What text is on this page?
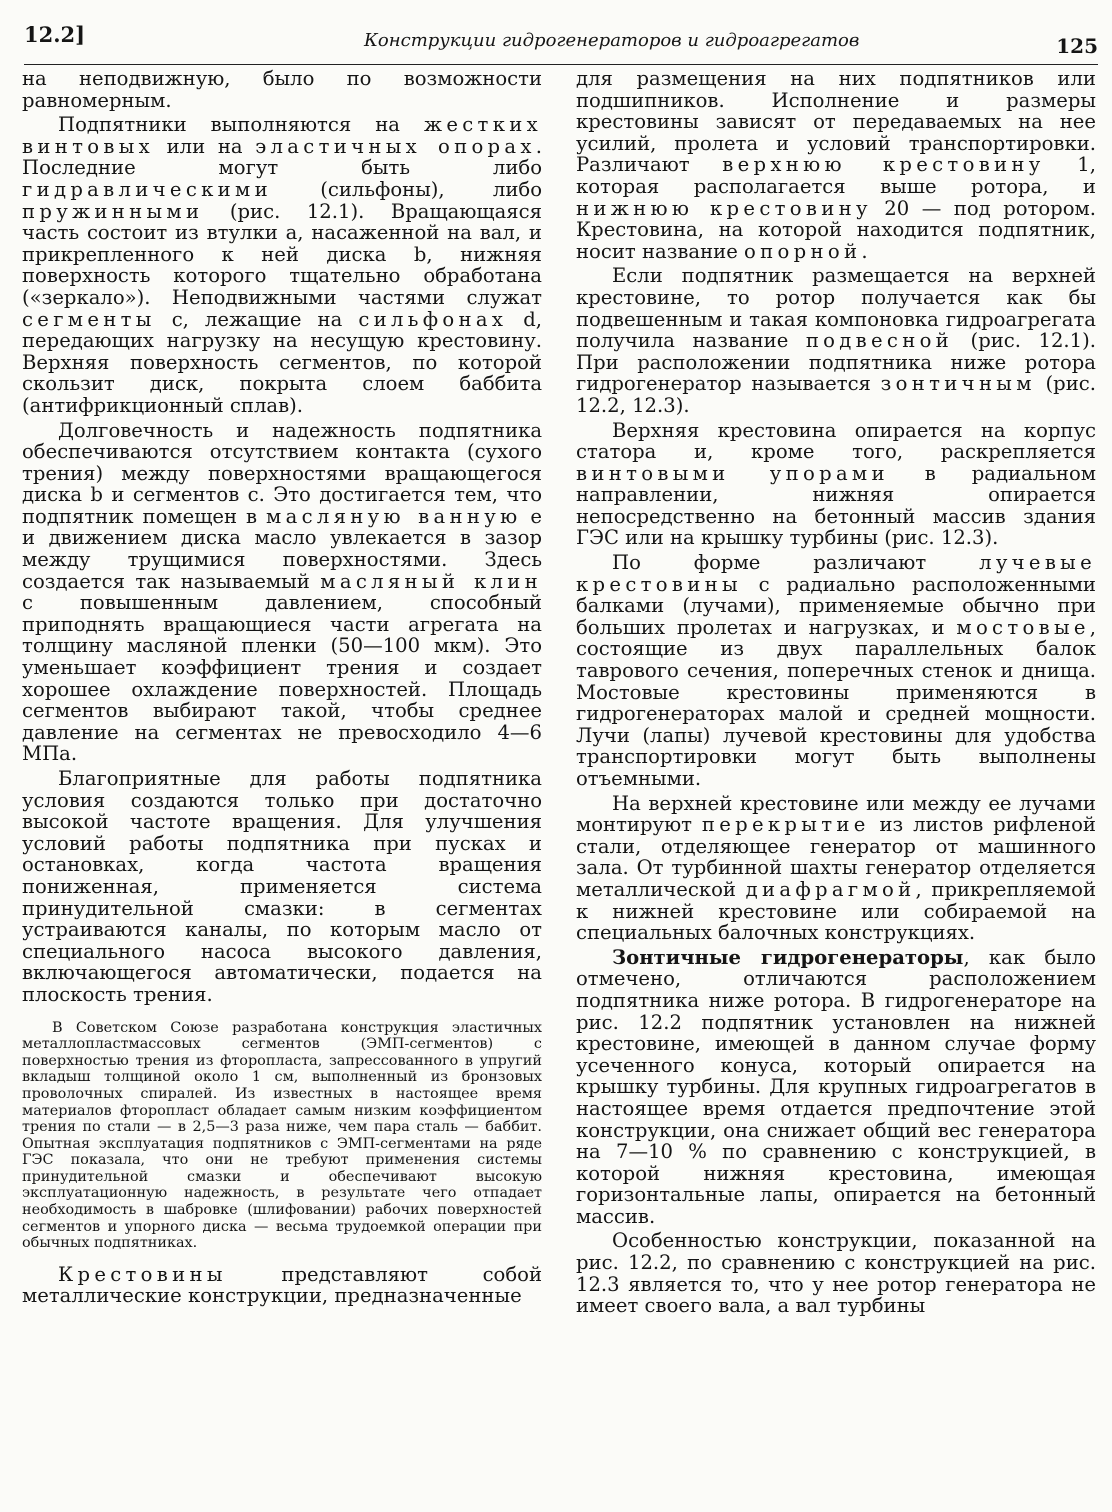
12.2]	Конструкции гидрогенераторов и гидроагрегатов	125

на неподвижную, было по возможности равномерным.

Подпятники выполняются на жестких винтовых или на эластичных опорах. Последние могут быть либо гидравлическими (сильфоны), либо пружинными (рис. 12.1). Вращающаяся часть состоит из втулки a, насаженной на вал, и прикрепленного к ней диска b, нижняя поверхность которого тщательно обработана («зеркало»). Неподвижными частями служат сегменты c, лежащие на сильфонах d, передающих нагрузку на несущую крестовину. Верхняя поверхность сегментов, по которой скользит диск, покрыта слоем баббита (антифрикционный сплав).

Долговечность и надежность подпятника обеспечиваются отсутствием контакта (сухого трения) между поверхностями вращающегося диска b и сегментов c. Это достигается тем, что подпятник помещен в масляную ванную e и движением диска масло увлекается в зазор между трущимися поверхностями. Здесь создается так называемый масляный клин с повышенным давлением, способный приподнять вращающиеся части агрегата на толщину масляной пленки (50—100 мкм). Это уменьшает коэффициент трения и создает хорошее охлаждение поверхностей. Площадь сегментов выбирают такой, чтобы среднее давление на сегментах не превосходило 4—6 МПа.

Благоприятные для работы подпятника условия создаются только при достаточно высокой частоте вращения. Для улучшения условий работы подпятника при пусках и остановках, когда частота вращения пониженная, применяется система принудительной смазки: в сегментах устраиваются каналы, по которым масло от специального насоса высокого давления, включающегося автоматически, подается на плоскость трения.

В Советском Союзе разработана конструкция эластичных металлопластмассовых сегментов (ЭМП-сегментов) с поверхностью трения из фторопласта, запрессованного в упругий вкладыш толщиной около 1 см, выполненный из бронзовых проволочных спиралей. Из известных в настоящее время материалов фторопласт обладает самым низким коэффициентом трения по стали — в 2,5—3 раза ниже, чем пара сталь — баббит. Опытная эксплуатация подпятников с ЭМП-сегментами на ряде ГЭС показала, что они не требуют применения системы принудительной смазки и обеспечивают высокую эксплуатационную надежность, в результате чего отпадает необходимость в шабровке (шлифовании) рабочих поверхностей сегментов и упорного диска — весьма трудоемкой операции при обычных подпятниках.

Крестовины представляют собой металлические конструкции, предназначенные

для размещения на них подпятников или подшипников. Исполнение и размеры крестовины зависят от передаваемых на нее усилий, пролета и условий транспортировки. Различают верхнюю крестовину 1, которая располагается выше ротора, и нижнюю крестовину 20 — под ротором. Крестовина, на которой находится подпятник, носит название опорной.

Если подпятник размещается на верхней крестовине, то ротор получается как бы подвешенным и такая компоновка гидроагрегата получила название подвесной (рис. 12.1). При расположении подпятника ниже ротора гидрогенератор называется зонтичным (рис. 12.2, 12.3).

Верхняя крестовина опирается на корпус статора и, кроме того, раскрепляется винтовыми упорами в радиальном направлении, нижняя опирается непосредственно на бетонный массив здания ГЭС или на крышку турбины (рис. 12.3).

По форме различают лучевые крестовины с радиально расположенными балками (лучами), применяемые обычно при больших пролетах и нагрузках, и мостовые, состоящие из двух параллельных балок таврового сечения, поперечных стенок и днища. Мостовые крестовины применяются в гидрогенераторах малой и средней мощности. Лучи (лапы) лучевой крестовины для удобства транспортировки могут быть выполнены отъемными.

На верхней крестовине или между ее лучами монтируют перекрытие из листов рифленой стали, отделяющее генератор от машинного зала. От турбинной шахты генератор отделяется металлической диафрагмой, прикрепляемой к нижней крестовине или собираемой на специальных балочных конструкциях.

Зонтичные гидрогенераторы, как было отмечено, отличаются расположением подпятника ниже ротора. В гидрогенераторе на рис. 12.2 подпятник установлен на нижней крестовине, имеющей в данном случае форму усеченного конуса, который опирается на крышку турбины. Для крупных гидроагрегатов в настоящее время отдается предпочтение этой конструкции, она снижает общий вес генератора на 7—10 % по сравнению с конструкцией, в которой нижняя крестовина, имеющая горизонтальные лапы, опирается на бетонный массив.

Особенностью конструкции, показанной на рис. 12.2, по сравнению с конструкцией на рис. 12.3 является то, что у нее ротор генератора не имеет своего вала, а вал турбины
